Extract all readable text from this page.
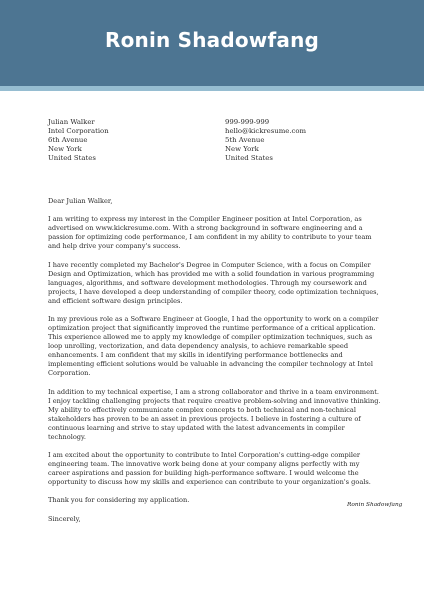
Ronin Shadowfang
Julian Walker
Intel Corporation
6th Avenue
New York
United States
999-999-999
hello@kickresume.com
5th Avenue
New York
United States

Dear Julian Walker,

I am writing to express my interest in the Compiler Engineer position at Intel Corporation, as advertised on www.kickresume.com. With a strong background in software engineering and a passion for optimizing code performance, I am confident in my ability to contribute to your team and help drive your company's success.

I have recently completed my Bachelor's Degree in Computer Science, with a focus on Compiler Design and Optimization, which has provided me with a solid foundation in various programming languages, algorithms, and software development methodologies. Through my coursework and projects, I have developed a deep understanding of compiler theory, code optimization techniques, and efficient software design principles.

In my previous role as a Software Engineer at Google, I had the opportunity to work on a compiler optimization project that significantly improved the runtime performance of a critical application. This experience allowed me to apply my knowledge of compiler optimization techniques, such as loop unrolling, vectorization, and data dependency analysis, to achieve remarkable speed enhancements. I am confident that my skills in identifying performance bottlenecks and implementing efficient solutions would be valuable in advancing the compiler technology at Intel Corporation.

In addition to my technical expertise, I am a strong collaborator and thrive in a team environment. I enjoy tackling challenging projects that require creative problem-solving and innovative thinking. My ability to effectively communicate complex concepts to both technical and non-technical stakeholders has proven to be an asset in previous projects. I believe in fostering a culture of continuous learning and strive to stay updated with the latest advancements in compiler technology.

I am excited about the opportunity to contribute to Intel Corporation's cutting-edge compiler engineering team. The innovative work being done at your company aligns perfectly with my career aspirations and passion for building high-performance software. I would welcome the opportunity to discuss how my skills and experience can contribute to your organization's goals.

Thank you for considering my application.

Sincerely,

Ronin Shadowfang
